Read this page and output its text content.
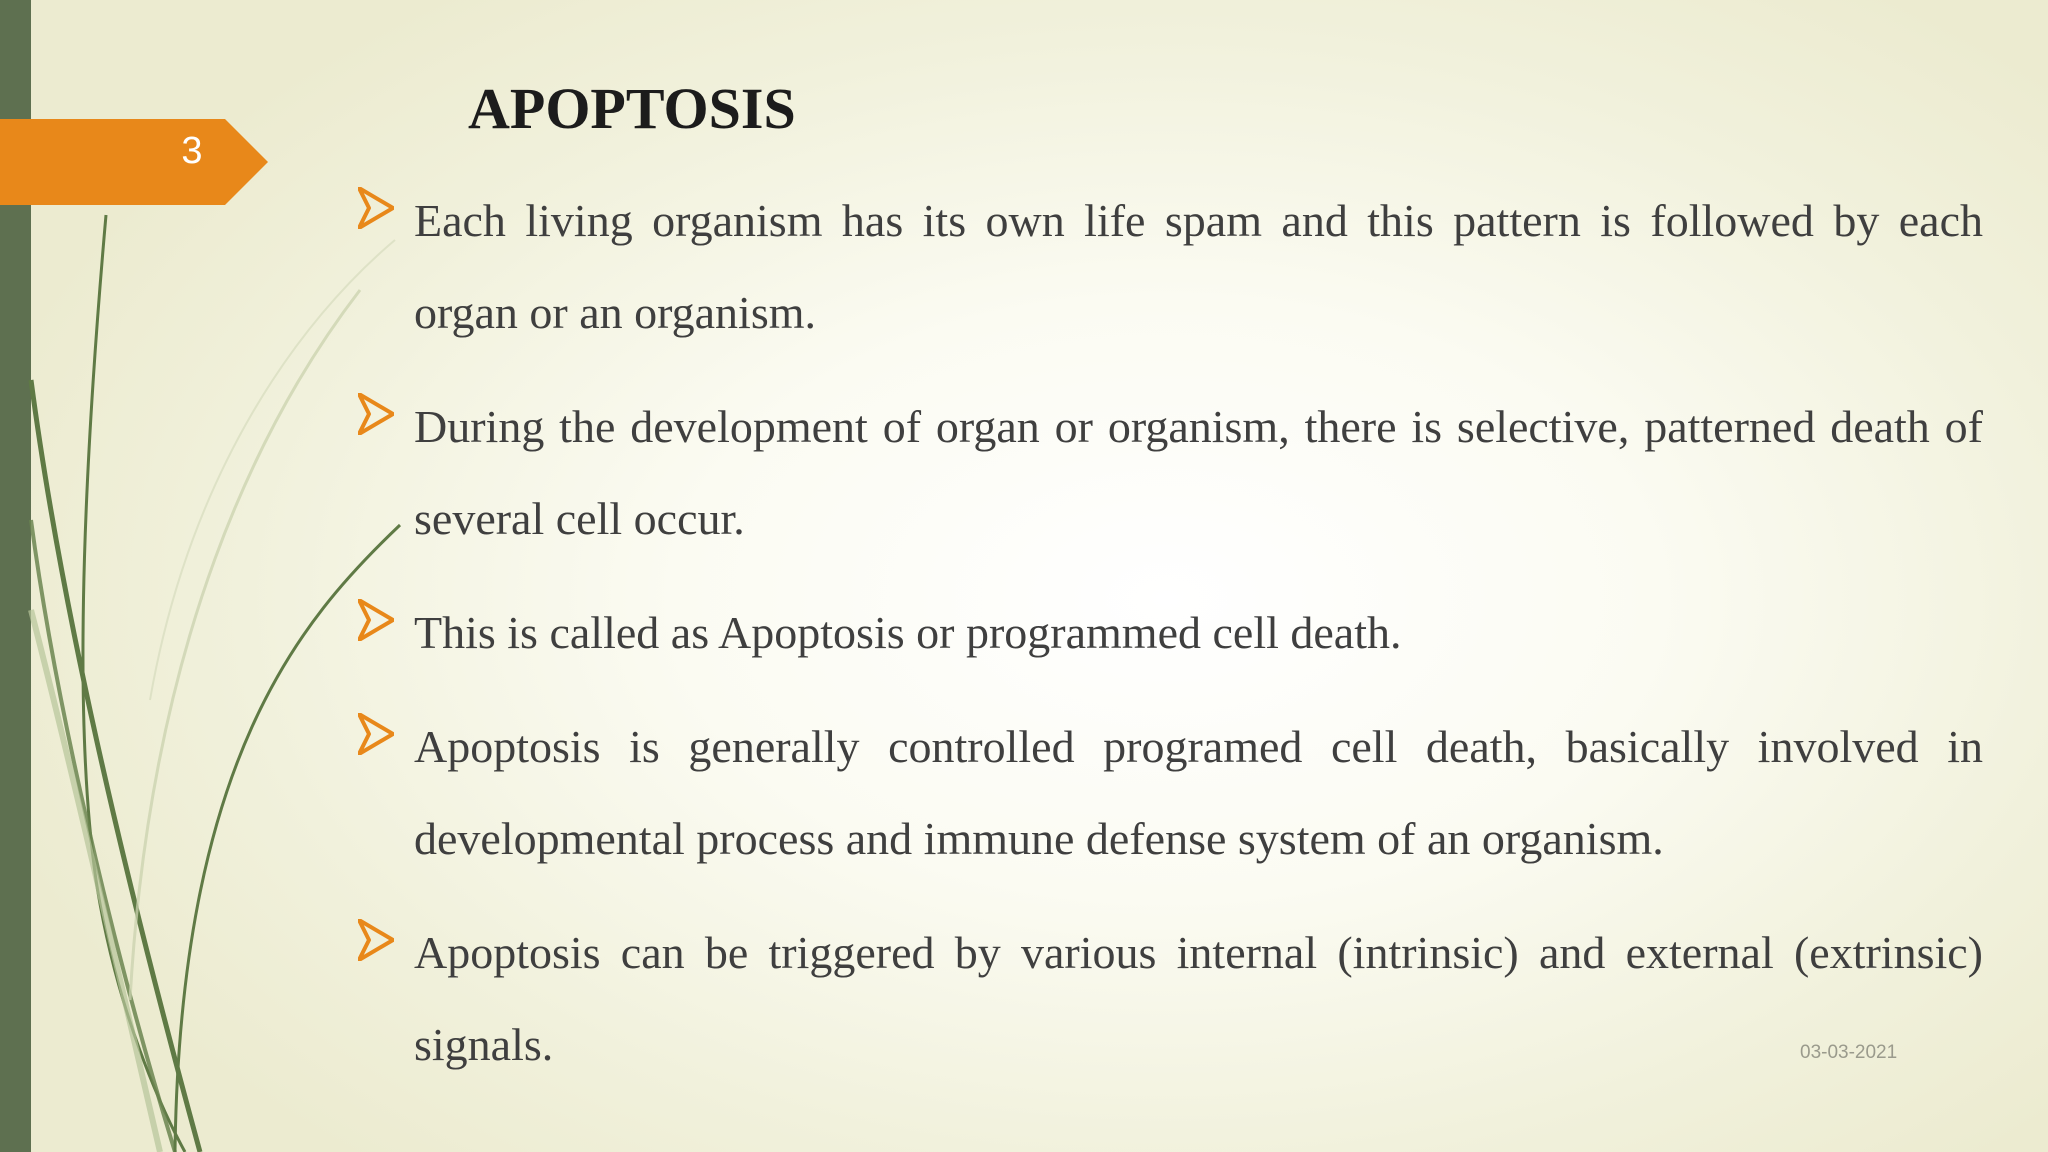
3
APOPTOSIS
Each living organism has its own life spam and this pattern is followed by each organ or an organism.
During the development of organ or organism, there is selective, patterned death of several cell occur.
This is called as Apoptosis or programmed cell death.
Apoptosis is generally controlled programed cell death, basically involved in developmental process and immune defense system of an organism.
Apoptosis can be triggered by various internal (intrinsic) and external (extrinsic) signals.	03-03-2021
